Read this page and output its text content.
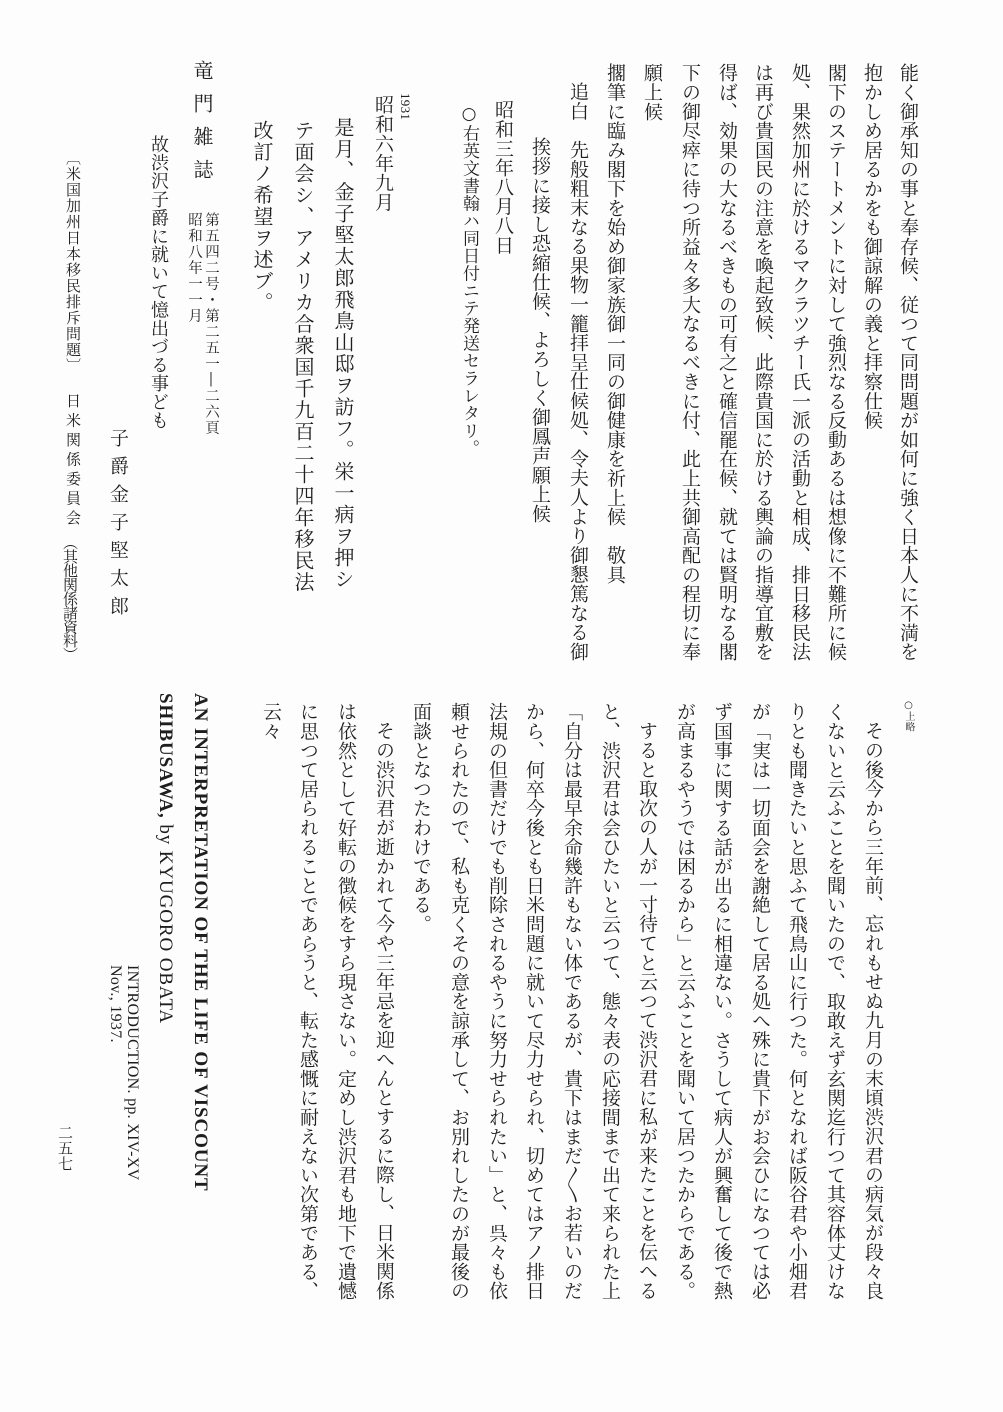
能く御承知の事と奉存候、従つて同問題が如何に強く日本人に不満を
抱かしめ居るかをも御諒解の義と拝察仕候
閣下のステートメントに対して強烈なる反動あるは想像に不難所に候
処、果然加州に於けるマクラツチー氏一派の活動と相成、排日移民法
は再び貴国民の注意を喚起致候、此際貴国に於ける輿論の指導宜敷を
得ば、効果の大なるべきもの可有之と確信罷在候、就ては賢明なる閣
下の御尽瘁に待つ所益々多大なるべきに付、此上共御高配の程切に奉
願上候
擱筆に臨み閣下を始め御家族御一同の御健康を祈上候　敬具
追白　先般粗末なる果物一籠拝呈仕候処、令夫人より御懇篤なる御
挨拶に接し恐縮仕候、よろしく御鳳声願上候
昭和三年八月八日
○右英文書翰ハ同日付ニテ発送セラレタリ。
1931
昭和六年九月
是月、金子堅太郎飛鳥山邸ヲ訪フ。栄一病ヲ押シ
テ面会シ、アメリカ合衆国千九百二十四年移民法
改訂ノ希望ヲ述ブ。
竜門雑誌
第五四二号・第二五一―二六頁
昭和八年一一月
故渋沢子爵に就いて憶出づる事ども
子爵金子堅太郎
〔米国加州日本移民排斥問題〕
日米関係委員会
（其他関係諸資料）
○上略
その後今から三年前、忘れもせぬ九月の末頃渋沢君の病気が段々良
くないと云ふことを聞いたので、取敢えず玄関迄行つて其容体丈けな
りとも聞きたいと思ふて飛鳥山に行つた。何となれば阪谷君や小畑君
が「実は一切面会を謝絶して居る処へ殊に貴下がお会ひになつては必
ず国事に関する話が出るに相違ない。さうして病人が興奮して後で熱
が高まるやうでは困るから」と云ふことを聞いて居つたからである。
すると取次の人が一寸待てと云つて渋沢君に私が来たことを伝へる
と、渋沢君は会ひたいと云つて、態々表の応接間まで出て来られた上
「自分は最早余命幾許もない体であるが、貴下はまだ〳〵お若いのだ
から、何卒今後とも日米問題に就いて尽力せられ、切めてはアノ排日
法規の但書だけでも削除されるやうに努力せられたい」と、呉々も依
頼せられたので、私も克くその意を諒承して、お別れしたのが最後の
面談となつたわけである。
その渋沢君が逝かれて今や三年忌を迎へんとするに際し、日米関係
は依然として好転の徴候をすら現さない。定めし渋沢君も地下で遺憾
に思つて居られることであらうと、転た感慨に耐えない次第である、
云々
AN INTERPRETATION OF THE LIFE OF VISCOUNT
SHIBUSAWA, by KYUGORO OBATA
INTRODUCTION. pp. XIV-XV
Nov., 1937.
二五七
